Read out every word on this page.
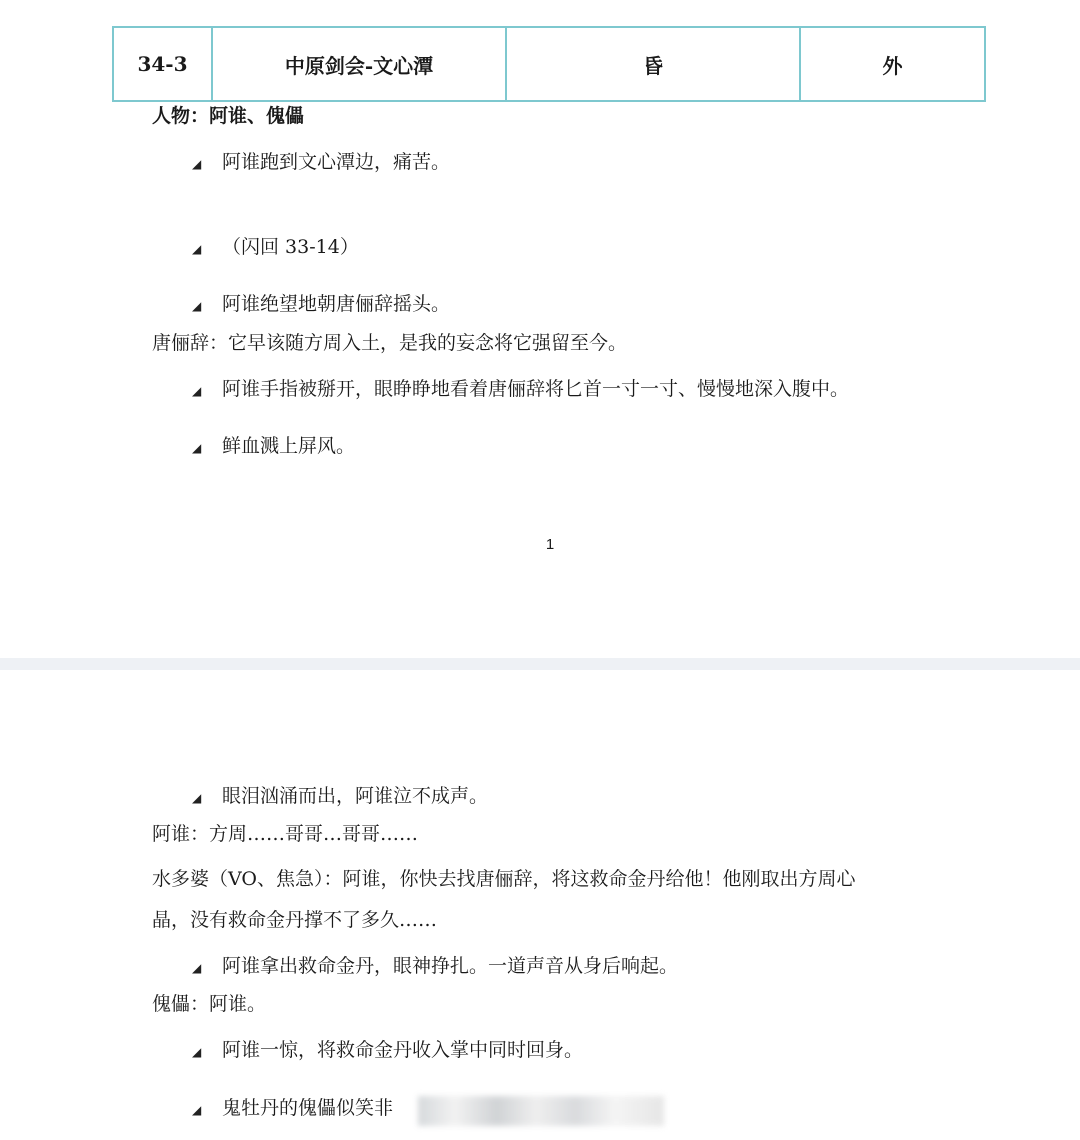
34-3	中原剑会-文心潭	昏	外
人物：阿谁、傀儡
◢ 阿谁跑到文心潭边，痛苦。
◢ （闪回 33-14）
◢ 阿谁绝望地朝唐俪辞摇头。
唐俪辞：它早该随方周入土，是我的妄念将它强留至今。
◢ 阿谁手指被掰开，眼睁睁地看着唐俪辞将匕首一寸一寸、慢慢地深入腹中。
◢ 鲜血溅上屏风。
1
◢ 眼泪汹涌而出，阿谁泣不成声。
阿谁：方周……哥哥…哥哥……
水多婆（VO、焦急）：阿谁，你快去找唐俪辞，将这救命金丹给他！他刚取出方周心
晶，没有救命金丹撑不了多久……
◢ 阿谁拿出救命金丹，眼神挣扎。一道声音从身后响起。
傀儡：阿谁。
◢ 阿谁一惊，将救命金丹收入掌中同时回身。
◢ 鬼牡丹的傀儡似笑非
